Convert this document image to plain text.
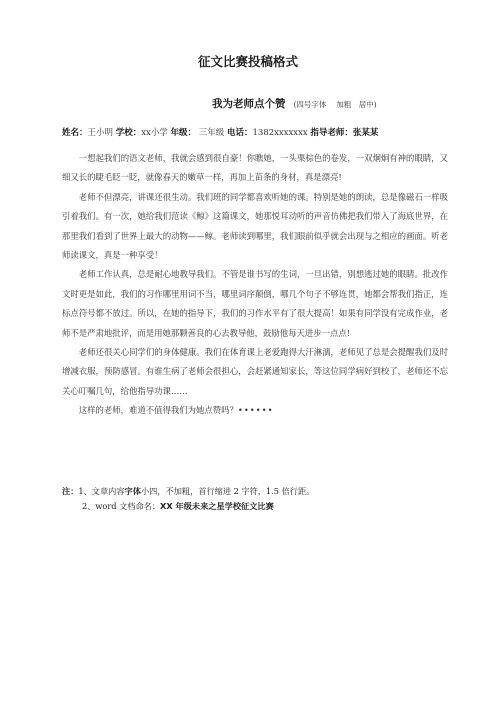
征文比赛投稿格式
我为老师点个赞 (四号字体　 加粗　居中)
姓名：王小明 学校：xx小学 年级： 三年级 电话：1382xxxxxxx 指导老师：张某某

一想起我们的语文老师，我就会感到很自豪！你瞧她，一头栗棕色的卷发，一双炯炯有神的眼睛，又细又长的睫毛眨一眨，就像春天的嫩草一样，再加上苗条的身材，真是漂亮!

老师不但漂亮，讲课还很生动。我们班的同学都喜欢听她的课。特别是她的朗读，总是像磁石一样吸引着我们。有一次，她给我们范读《鲸》这篇课文，她那悦耳动听的声音仿佛把我们带入了海底世界，在那里我们看到了世界上最大的动物——鲸。老师读到哪里，我们眼前似乎就会出现与之相应的画面。听老师读课文，真是一种享受！

老师工作认真，总是耐心地教导我们。不管是谁书写的生词，一旦出错，别想逃过她的眼睛。批改作文时更是如此，我们的习作哪里用词不当，哪里词序颠倒，哪几个句子不够连贯，她都会帮我们指正，连标点符号都不放过。所以，在她的指导下，我们的习作水平有了很大提高！如果有同学没有完成作业，老师不是严肃地批评，而是用她那颗善良的心去教导他，鼓励他每天进步一点点!

老师还很关心同学们的身体健康。我们在体育课上老爱跑得大汗淋漓，老师见了总是会提醒我们及时增减衣服，预防感冒。有谁生病了老师会很担心，会赶紧通知家长，等这位同学病好到校了，老师还不忘关心叮嘱几句，给他指导功课……

这样的老师，难道不值得我们为她点赞吗？••••••

注：1、文章内容字体小四，不加粗，首行缩进 2 字符，1.5 倍行距。
2、word 文档命名：XX 年级未来之星学校征文比赛
